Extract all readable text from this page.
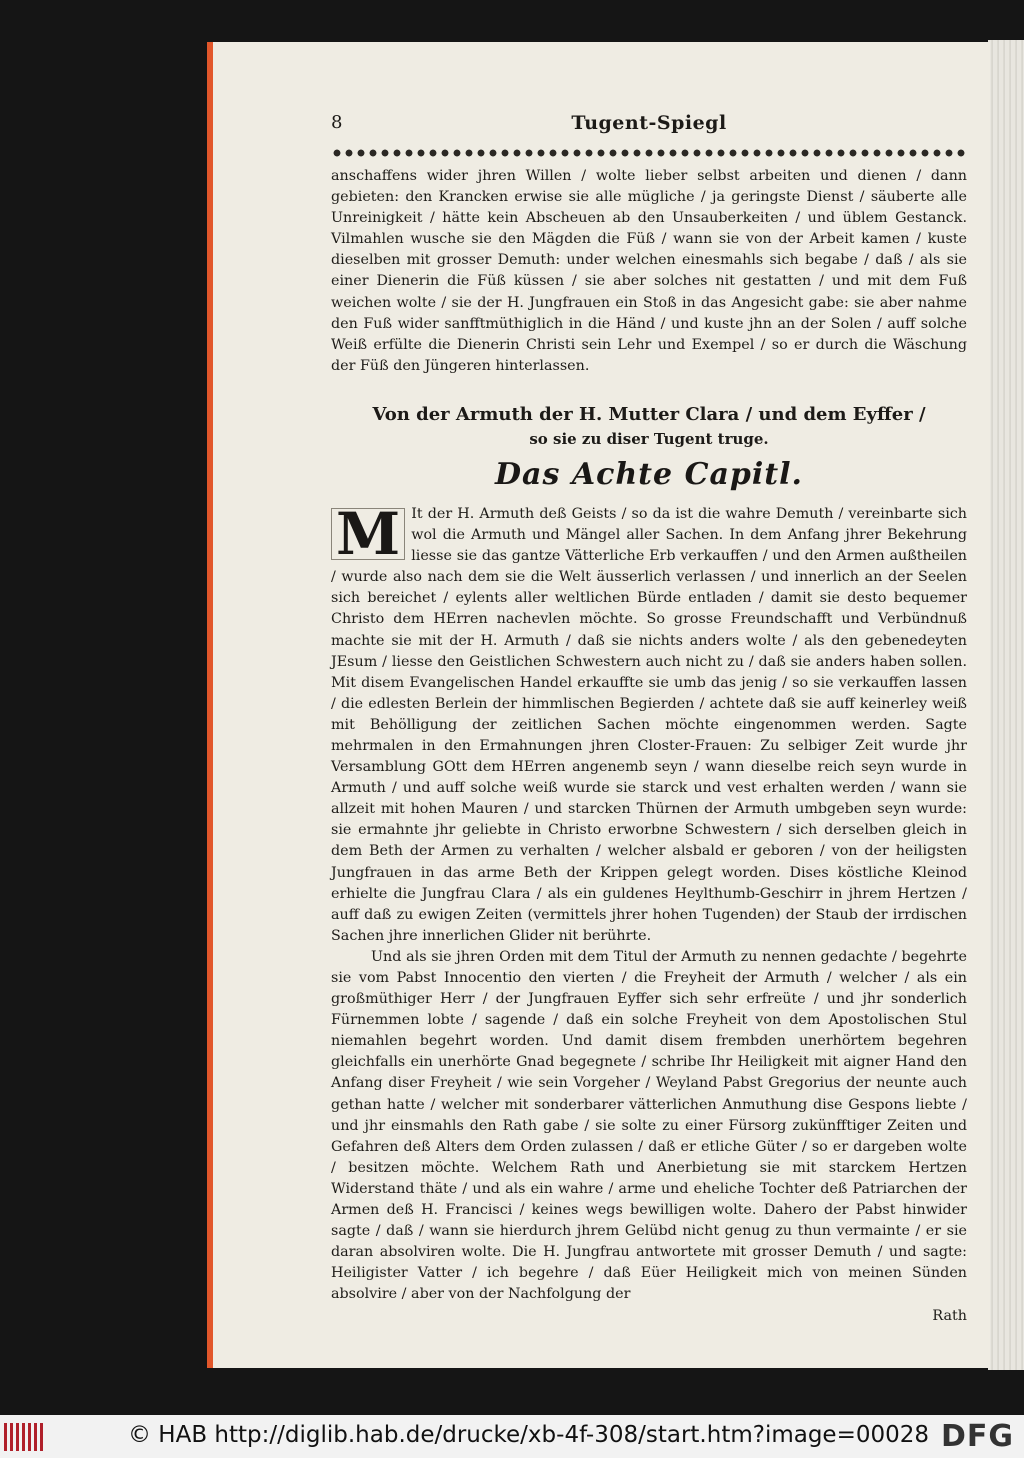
8	Tugent-Spiegl

anschaffens wider jhren Willen / wolte lieber selbst arbeiten und dienen / dann gebieten: den Krancken erwise sie alle mügliche / ja geringste Dienst / säuberte alle Unreinigkeit / hätte kein Abscheuen ab den Unsauberkeiten / und üblem Gestanck. Vilmahlen wusche sie den Mägden die Füß / wann sie von der Arbeit kamen / kuste dieselben mit grosser Demuth: under welchen einesmahls sich begabe / daß / als sie einer Dienerin die Füß küssen / sie aber solches nit gestatten / und mit dem Fuß weichen wolte / sie der H. Jungfrauen ein Stoß in das Angesicht gabe: sie aber nahme den Fuß wider sanfftmüthiglich in die Händ / und kuste jhn an der Solen / auff solche Weiß erfülte die Dienerin Christi sein Lehr und Exempel / so er durch die Wäschung der Füß den Jüngeren hinterlassen.

Von der Armuth der H. Mutter Clara / und dem Eyffer /
so sie zu diser Tugent truge.
Das Achte Capitl.
M It der H. Armuth deß Geists / so da ist die wahre Demuth / vereinbarte sich wol die Armuth und Mängel aller Sachen. In dem Anfang jhrer Bekehrung liesse sie das gantze Vätterliche Erb verkauffen / und den Armen außtheilen / wurde also nach dem sie die Welt äusserlich verlassen / und innerlich an der Seelen sich bereichet / eylents aller weltlichen Bürde entladen / damit sie desto bequemer Christo dem HErren nachevlen möchte. So grosse Freundschafft und Verbündnuß machte sie mit der H. Armuth / daß sie nichts anders wolte / als den gebenedeyten JEsum / liesse den Geistlichen Schwestern auch nicht zu / daß sie anders haben sollen. Mit disem Evangelischen Handel erkauffte sie umb das jenig / so sie verkauffen lassen / die edlesten Berlein der himmlischen Begierden / achtete daß sie auff keinerley weiß mit Behölligung der zeitlichen Sachen möchte eingenommen werden. Sagte mehrmalen in den Ermahnungen jhren Closter-Frauen: Zu selbiger Zeit wurde jhr Versamblung GOtt dem HErren angenemb seyn / wann dieselbe reich seyn wurde in Armuth / und auff solche weiß wurde sie starck und vest erhalten werden / wann sie allzeit mit hohen Mauren / und starcken Thürnen der Armuth umbgeben seyn wurde: sie ermahnte jhr geliebte in Christo erworbne Schwestern / sich derselben gleich in dem Beth der Armen zu verhalten / welcher alsbald er geboren / von der heiligsten Jungfrauen in das arme Beth der Krippen gelegt worden. Dises köstliche Kleinod erhielte die Jungfrau Clara / als ein guldenes Heylthumb-Geschirr in jhrem Hertzen / auff daß zu ewigen Zeiten (vermittels jhrer hohen Tugenden) der Staub der irrdischen Sachen jhre innerlichen Glider nit berührte.

Und als sie jhren Orden mit dem Titul der Armuth zu nennen gedachte / begehrte sie vom Pabst Innocentio den vierten / die Freyheit der Armuth / welcher / als ein großmüthiger Herr / der Jungfrauen Eyffer sich sehr erfreüte / und jhr sonderlich Fürnemmen lobte / sagende / daß ein solche Freyheit von dem Apostolischen Stul niemahlen begehrt worden. Und damit disem frembden unerhörtem begehren gleichfalls ein unerhörte Gnad begegnete / schribe Ihr Heiligkeit mit aigner Hand den Anfang diser Freyheit / wie sein Vorgeher / Weyland Pabst Gregorius der neunte auch gethan hatte / welcher mit sonderbarer vätterlichen Anmuthung dise Gespons liebte / und jhr einsmahls den Rath gabe / sie solte zu einer Fürsorg zukünfftiger Zeiten und Gefahren deß Alters dem Orden zulassen / daß er etliche Güter / so er dargeben wolte / besitzen möchte. Welchem Rath und Anerbietung sie mit starckem Hertzen Widerstand thäte / und als ein wahre / arme und eheliche Tochter deß Patriarchen der Armen deß H. Francisci / keines wegs bewilligen wolte. Dahero der Pabst hinwider sagte / daß / wann sie hierdurch jhrem Gelübd nicht genug zu thun vermainte / er sie daran absolviren wolte. Die H. Jungfrau antwortete mit grosser Demuth / und sagte: Heiligister Vatter / ich begehre / daß Eüer Heiligkeit mich von meinen Sünden absolvire / aber von der Nachfolgung der

Rath

© HAB http://diglib.hab.de/drucke/xb-4f-308/start.htm?image=00028 DFG
